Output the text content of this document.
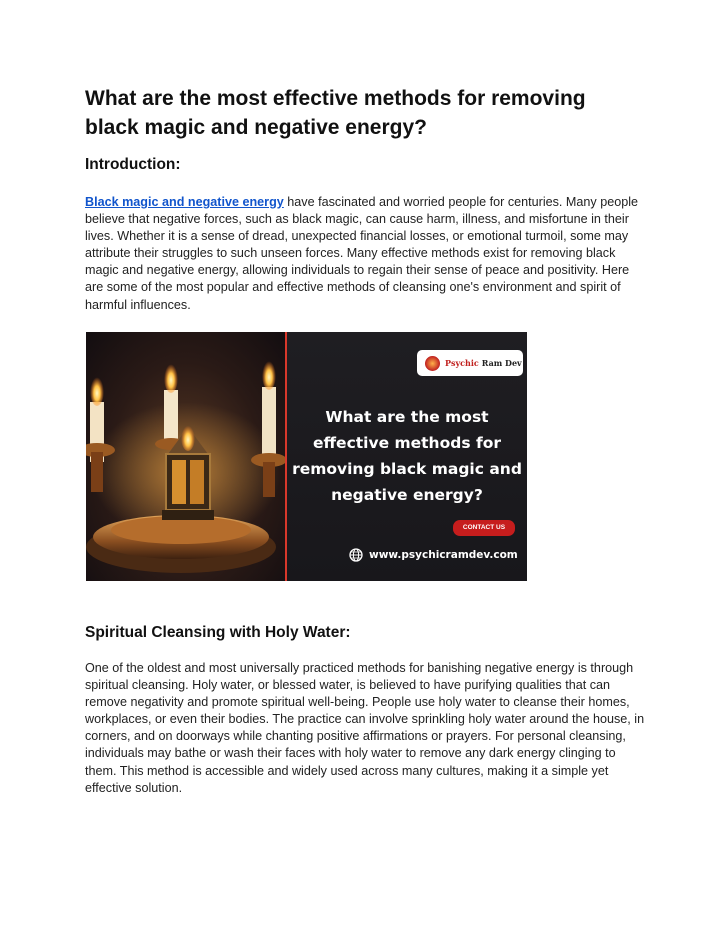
What are the most effective methods for removing black magic and negative energy?
Introduction:

Black magic and negative energy have fascinated and worried people for centuries. Many people believe that negative forces, such as black magic, can cause harm, illness, and misfortune in their lives. Whether it is a sense of dread, unexpected financial losses, or emotional turmoil, some may attribute their struggles to such unseen forces. Many effective methods exist for removing black magic and negative energy, allowing individuals to regain their sense of peace and positivity. Here are some of the most popular and effective methods of cleansing one's environment and spirit of harmful influences.

Psychic Ram Dev
What are the most
effective methods for
removing black magic and
negative energy?
CONTACT US
www.psychicramdev.com
Spiritual Cleansing with Holy Water:

One of the oldest and most universally practiced methods for banishing negative energy is through spiritual cleansing. Holy water, or blessed water, is believed to have purifying qualities that can remove negativity and promote spiritual well-being. People use holy water to cleanse their homes, workplaces, or even their bodies. The practice can involve sprinkling holy water around the house, in corners, and on doorways while chanting positive affirmations or prayers. For personal cleansing, individuals may bathe or wash their faces with holy water to remove any dark energy clinging to them. This method is accessible and widely used across many cultures, making it a simple yet effective solution.
